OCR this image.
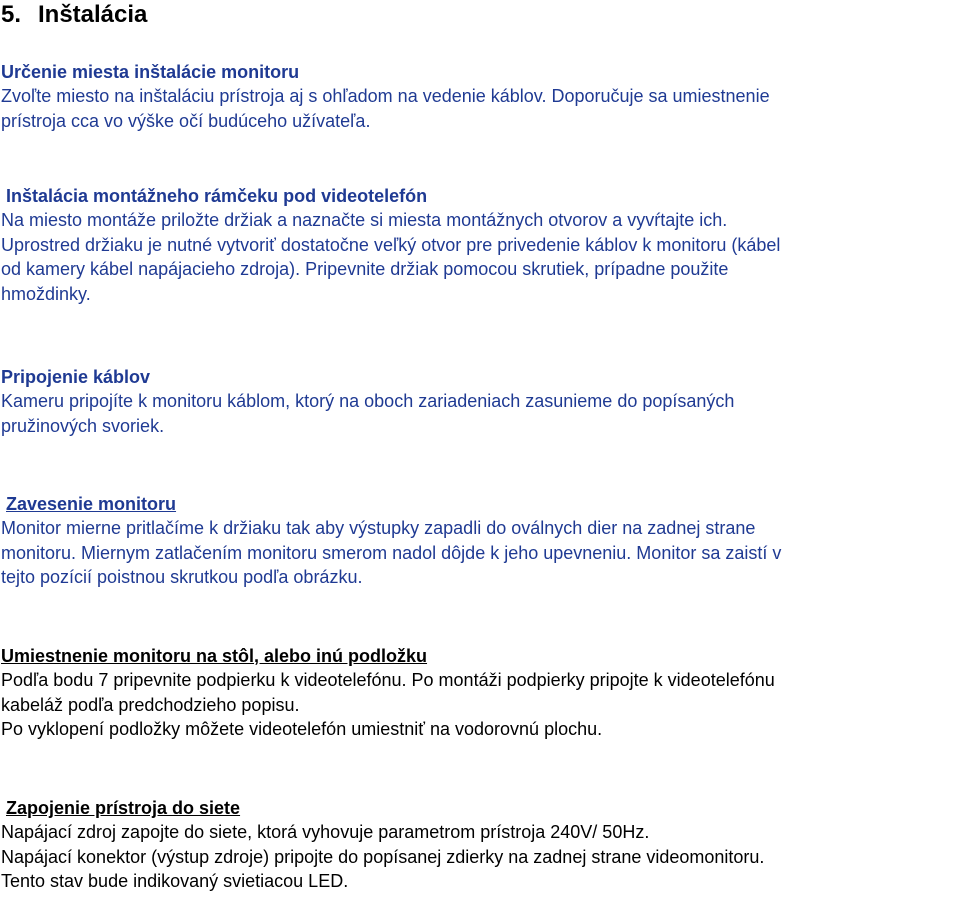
5. Inštalácia
Určenie miesta inštalácie monitoru

Zvoľte miesto na inštaláciu prístroja aj s ohľadom na vedenie káblov. Doporučuje sa umiestnenie
prístroja cca vo výške očí budúceho užívateľa.

Inštalácia montážneho rámčeku pod videotelefón

Na miesto montáže priložte držiak a naznačte si miesta montážnych otvorov a vyvŕtajte ich.
Uprostred držiaku je nutné vytvoriť dostatočne veľký otvor pre privedenie káblov k monitoru (kábel
od kamery kábel napájacieho zdroja). Pripevnite držiak pomocou skrutiek, prípadne použite
hmoždinky.

Pripojenie káblov

Kameru pripojíte k monitoru káblom, ktorý na oboch zariadeniach zasunieme do popísaných
pružinových svoriek.

Zavesenie monitoru

Monitor mierne pritlačíme k držiaku tak aby výstupky zapadli do oválnych dier na zadnej strane
monitoru. Miernym zatlačením monitoru smerom nadol dôjde k jeho upevneniu. Monitor sa zaistí v
tejto pozícií poistnou skrutkou podľa obrázku.

Umiestnenie monitoru na stôl, alebo inú podložku

Podľa bodu 7 pripevnite podpierku k videotelefónu. Po montáži podpierky pripojte k videotelefónu
kabeláž podľa predchodzieho popisu.
Po vyklopení podložky môžete videotelefón umiestniť na vodorovnú plochu.

Zapojenie prístroja do siete

Napájací zdroj zapojte do siete, ktorá vyhovuje parametrom prístroja 240V/ 50Hz.
Napájací konektor (výstup zdroje) pripojte do popísanej zdierky na zadnej strane videomonitoru.
Tento stav bude indikovaný svietiacou LED.
